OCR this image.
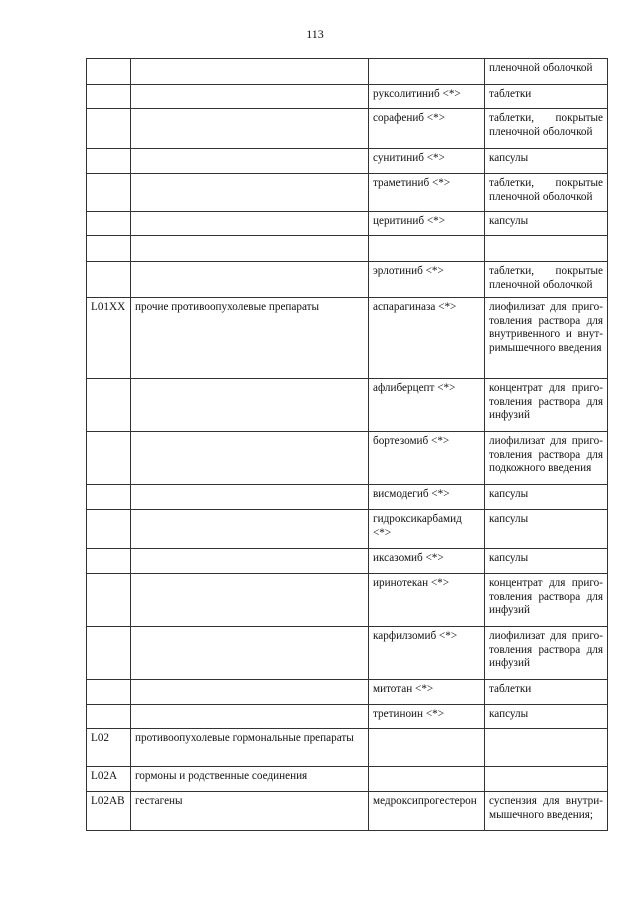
113
			пленочной оболочкой
		руксолитиниб <*>	таблетки
		сорафениб <*>	таблетки, покрытые пленочной оболочкой
		сунитиниб <*>	капсулы
		траметиниб <*>	таблетки, покрытые пленочной оболочкой
		церитиниб <*>	капсулы

		эрлотиниб <*>	таблетки, покрытые пленочной оболочкой
L01XX	прочие противоопухолевые препараты	аспарагиназа <*>	лиофилизат для приго-товления раствора для внутривенного и внут-римышечного введения
		афлиберцепт <*>	концентрат для приго-товления раствора для инфузий
		бортезомиб <*>	лиофилизат для приго-товления раствора для подкожного введения
		висмодегиб <*>	капсулы
		гидроксикарбамид <*>	капсулы
		иксазомиб <*>	капсулы
		иринотекан <*>	концентрат для приго-товления раствора для инфузий
		карфилзомиб <*>	лиофилизат для приго-товления раствора для инфузий
		митотан <*>	таблетки
		третиноин <*>	капсулы
L02	противоопухолевые гормональные препараты		
L02A	гормоны и родственные соединения		
L02AB	гестагены	медроксипрогестерон	суспензия для внутри-мышечного введения;
